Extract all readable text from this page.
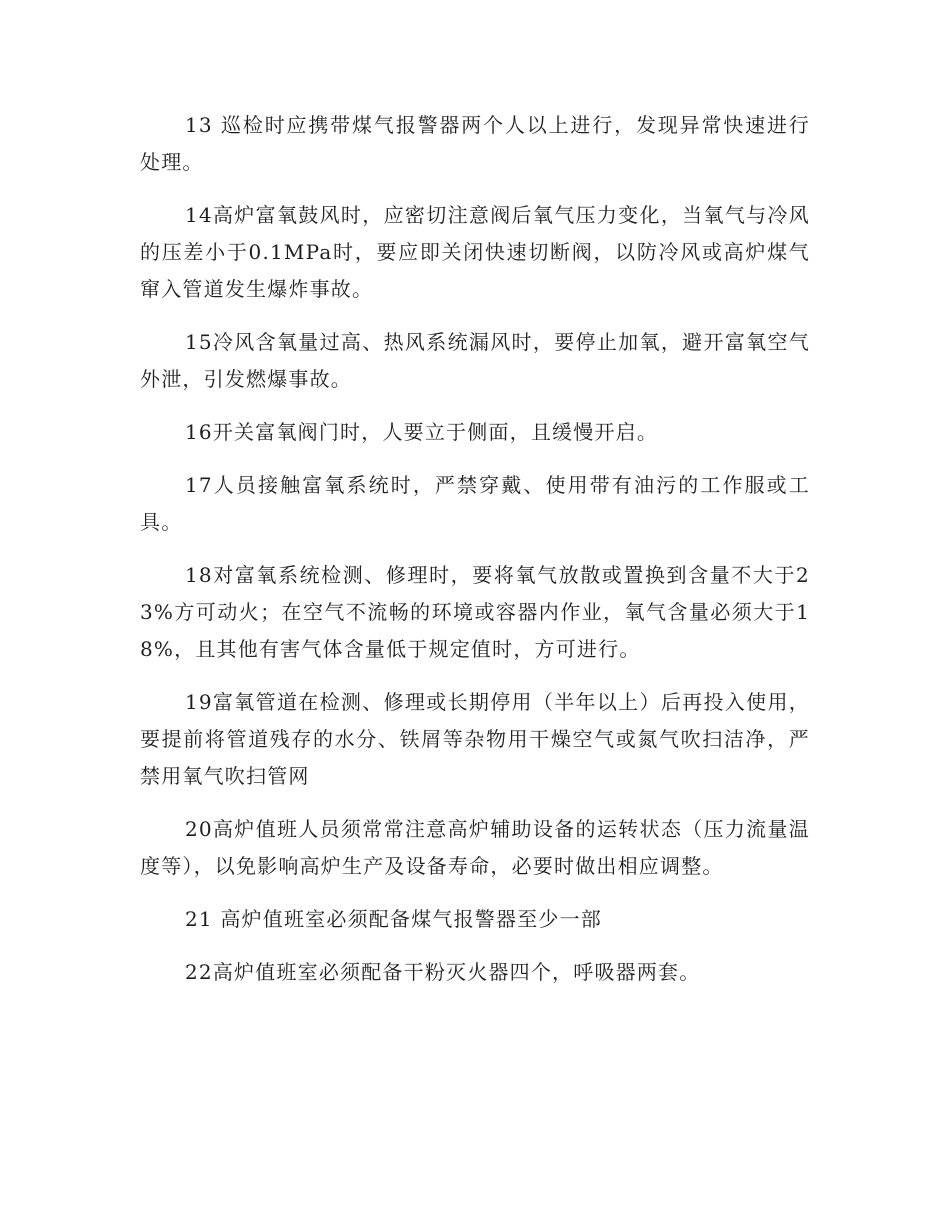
13 巡检时应携带煤气报警器两个人以上进行，发现异常快速进行处理。

14高炉富氧鼓风时，应密切注意阀后氧气压力变化，当氧气与冷风的压差小于0.1MPa时，要应即关闭快速切断阀，以防冷风或高炉煤气窜入管道发生爆炸事故。

15冷风含氧量过高、热风系统漏风时，要停止加氧，避开富氧空气外泄，引发燃爆事故。

16开关富氧阀门时，人要立于侧面，且缓慢开启。

17人员接触富氧系统时，严禁穿戴、使用带有油污的工作服或工具。

18对富氧系统检测、修理时，要将氧气放散或置换到含量不大于23%方可动火；在空气不流畅的环境或容器内作业，氧气含量必须大于18%，且其他有害气体含量低于规定值时，方可进行。

19富氧管道在检测、修理或长期停用（半年以上）后再投入使用，要提前将管道残存的水分、铁屑等杂物用干燥空气或氮气吹扫洁净，严禁用氧气吹扫管网

20高炉值班人员须常常注意高炉辅助设备的运转状态（压力流量温度等），以免影响高炉生产及设备寿命，必要时做出相应调整。

21 高炉值班室必须配备煤气报警器至少一部

22高炉值班室必须配备干粉灭火器四个，呼吸器两套。
